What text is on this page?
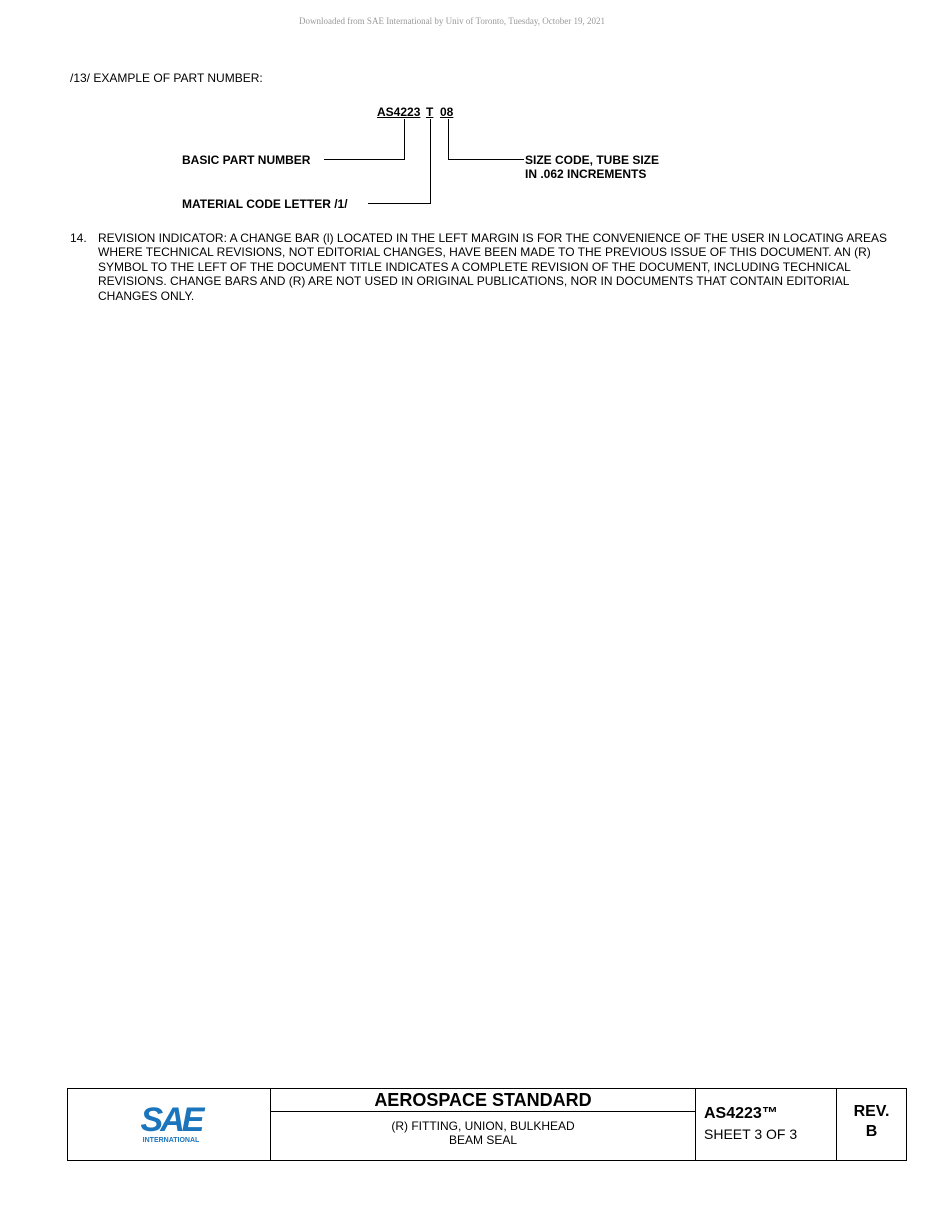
Downloaded from SAE International by Univ of Toronto, Tuesday, October 19, 2021
/13/ EXAMPLE OF PART NUMBER:
AS4223 T 08
BASIC PART NUMBER	SIZE CODE, TUBE SIZE
IN .062 INCREMENTS
MATERIAL CODE LETTER /1/
14. REVISION INDICATOR: A CHANGE BAR (l) LOCATED IN THE LEFT MARGIN IS FOR THE CONVENIENCE OF THE USER IN LOCATING AREAS WHERE TECHNICAL REVISIONS, NOT EDITORIAL CHANGES, HAVE BEEN MADE TO THE PREVIOUS ISSUE OF THIS DOCUMENT. AN (R) SYMBOL TO THE LEFT OF THE DOCUMENT TITLE INDICATES A COMPLETE REVISION OF THE DOCUMENT, INCLUDING TECHNICAL REVISIONS. CHANGE BARS AND (R) ARE NOT USED IN ORIGINAL PUBLICATIONS, NOR IN DOCUMENTS THAT CONTAIN EDITORIAL CHANGES ONLY.
SAE
INTERNATIONAL
AEROSPACE STANDARD
(R) FITTING, UNION, BULKHEAD
BEAM SEAL
AS4223™
SHEET 3 OF 3
REV.
B
